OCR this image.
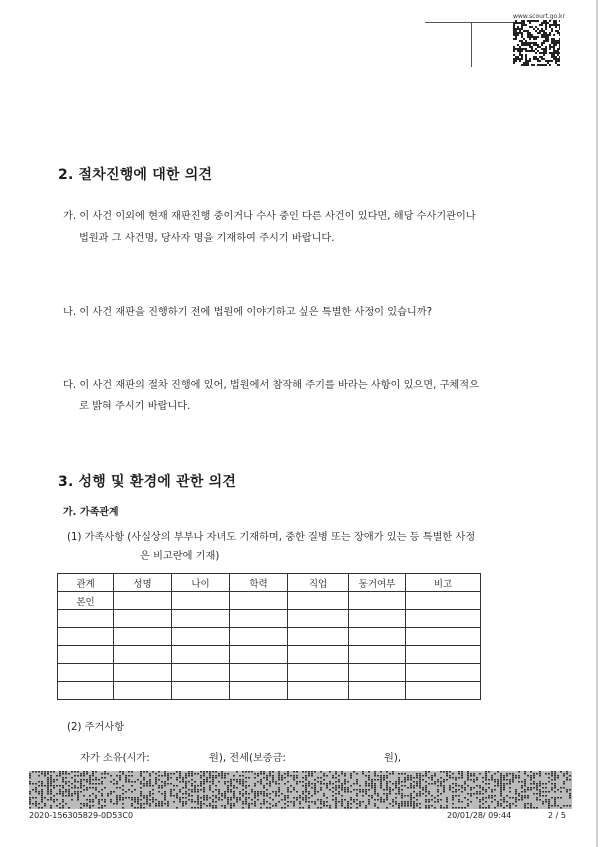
www.scourt.go.kr
2. 절차진행에 대한 의견
가. 이 사건 이외에 현재 재판진행 중이거나 수사 중인 다른 사건이 있다면, 해당 수사기관이나
법원과 그 사건명, 당사자 명을 기재하여 주시기 바랍니다.
나. 이 사건 재판을 진행하기 전에 법원에 이야기하고 싶은 특별한 사정이 있습니까?
다. 이 사건 재판의 절차 진행에 있어, 법원에서 참작해 주기를 바라는 사항이 있으면, 구체적으
로 밝혀 주시기 바랍니다.
3. 성행 및 환경에 관한 의견
가. 가족관계
(1) 가족사항 (사실상의 부부나 자녀도 기재하며, 중한 질병 또는 장애가 있는 등 특별한 사정
은 비고란에 기재)
관계	성명	나이	학력	직업	동거여부	비고
본인						

(2) 주거사항
자가 소유(시가:	원), 전세(보증금:	원),
2020-156305829-0D53C0	20/01/28/ 09:44	2 / 5
